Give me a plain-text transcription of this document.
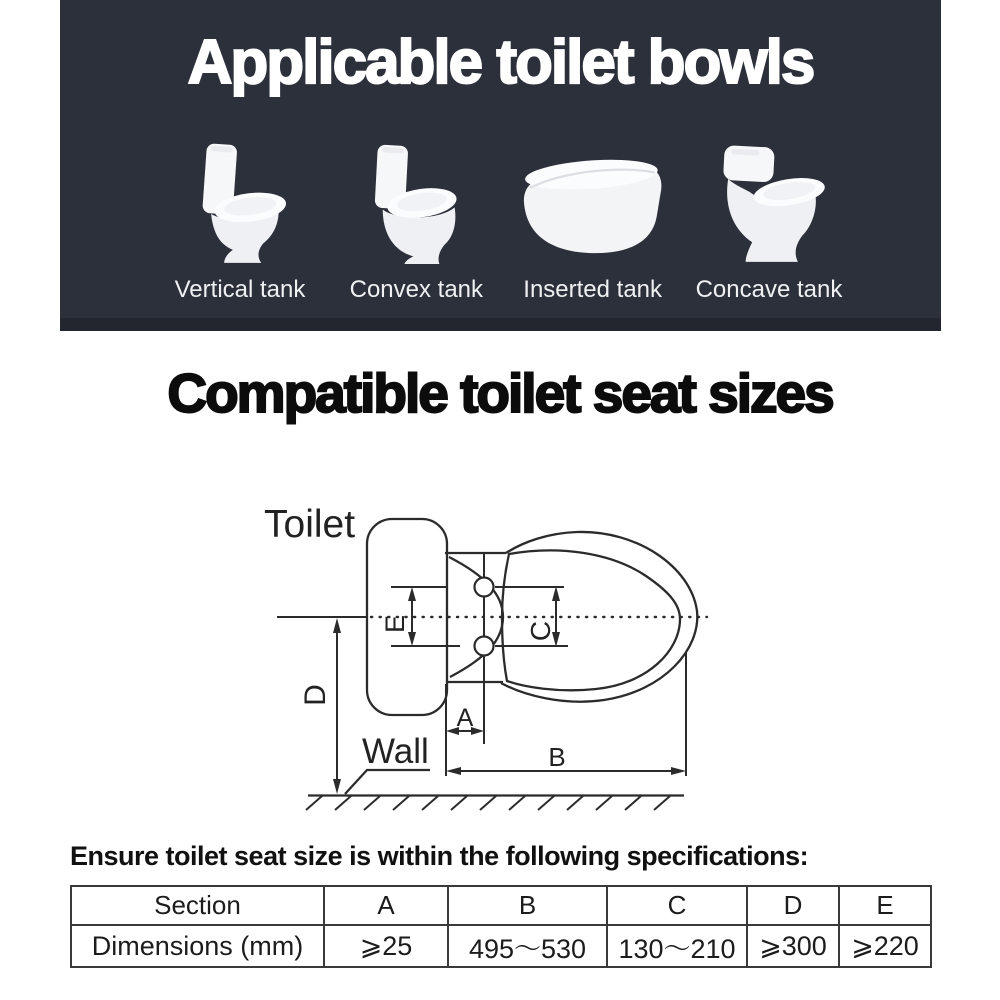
Applicable toilet bowls
Vertical tank Convex tank Inserted tank Concave tank
Compatible toilet seat sizes
E	C
D
A
B
Toilet
Wall

Ensure toilet seat size is within the following specifications:

Section	A	B	C	D	E
Dimensions (mm)	⩾25	495～530	130～210	⩾300	⩾220
